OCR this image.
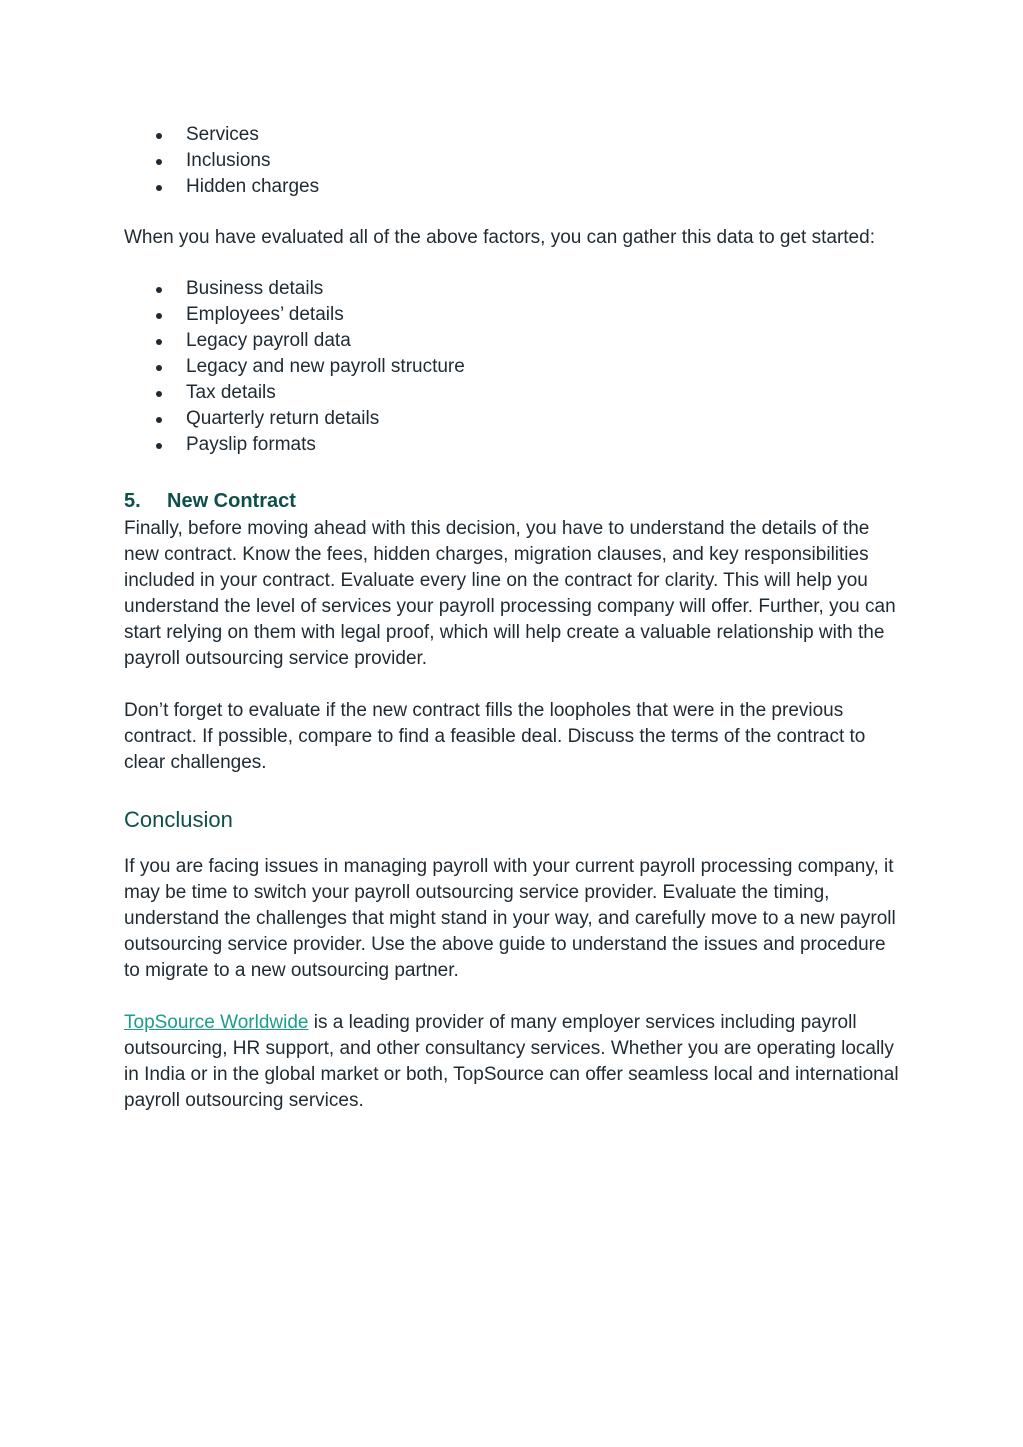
Services
Inclusions
Hidden charges

When you have evaluated all of the above factors, you can gather this data to get started:

Business details
Employees’ details
Legacy payroll data
Legacy and new payroll structure
Tax details
Quarterly return details
Payslip formats
5.	New Contract

Finally, before moving ahead with this decision, you have to understand the details of the new contract. Know the fees, hidden charges, migration clauses, and key responsibilities included in your contract. Evaluate every line on the contract for clarity. This will help you understand the level of services your payroll processing company will offer. Further, you can start relying on them with legal proof, which will help create a valuable relationship with the payroll outsourcing service provider.

Don’t forget to evaluate if the new contract fills the loopholes that were in the previous contract. If possible, compare to find a feasible deal. Discuss the terms of the contract to clear challenges.

Conclusion

If you are facing issues in managing payroll with your current payroll processing company, it may be time to switch your payroll outsourcing service provider. Evaluate the timing, understand the challenges that might stand in your way, and carefully move to a new payroll outsourcing service provider. Use the above guide to understand the issues and procedure to migrate to a new outsourcing partner.

TopSource Worldwide is a leading provider of many employer services including payroll outsourcing, HR support, and other consultancy services. Whether you are operating locally in India or in the global market or both, TopSource can offer seamless local and international payroll outsourcing services.
